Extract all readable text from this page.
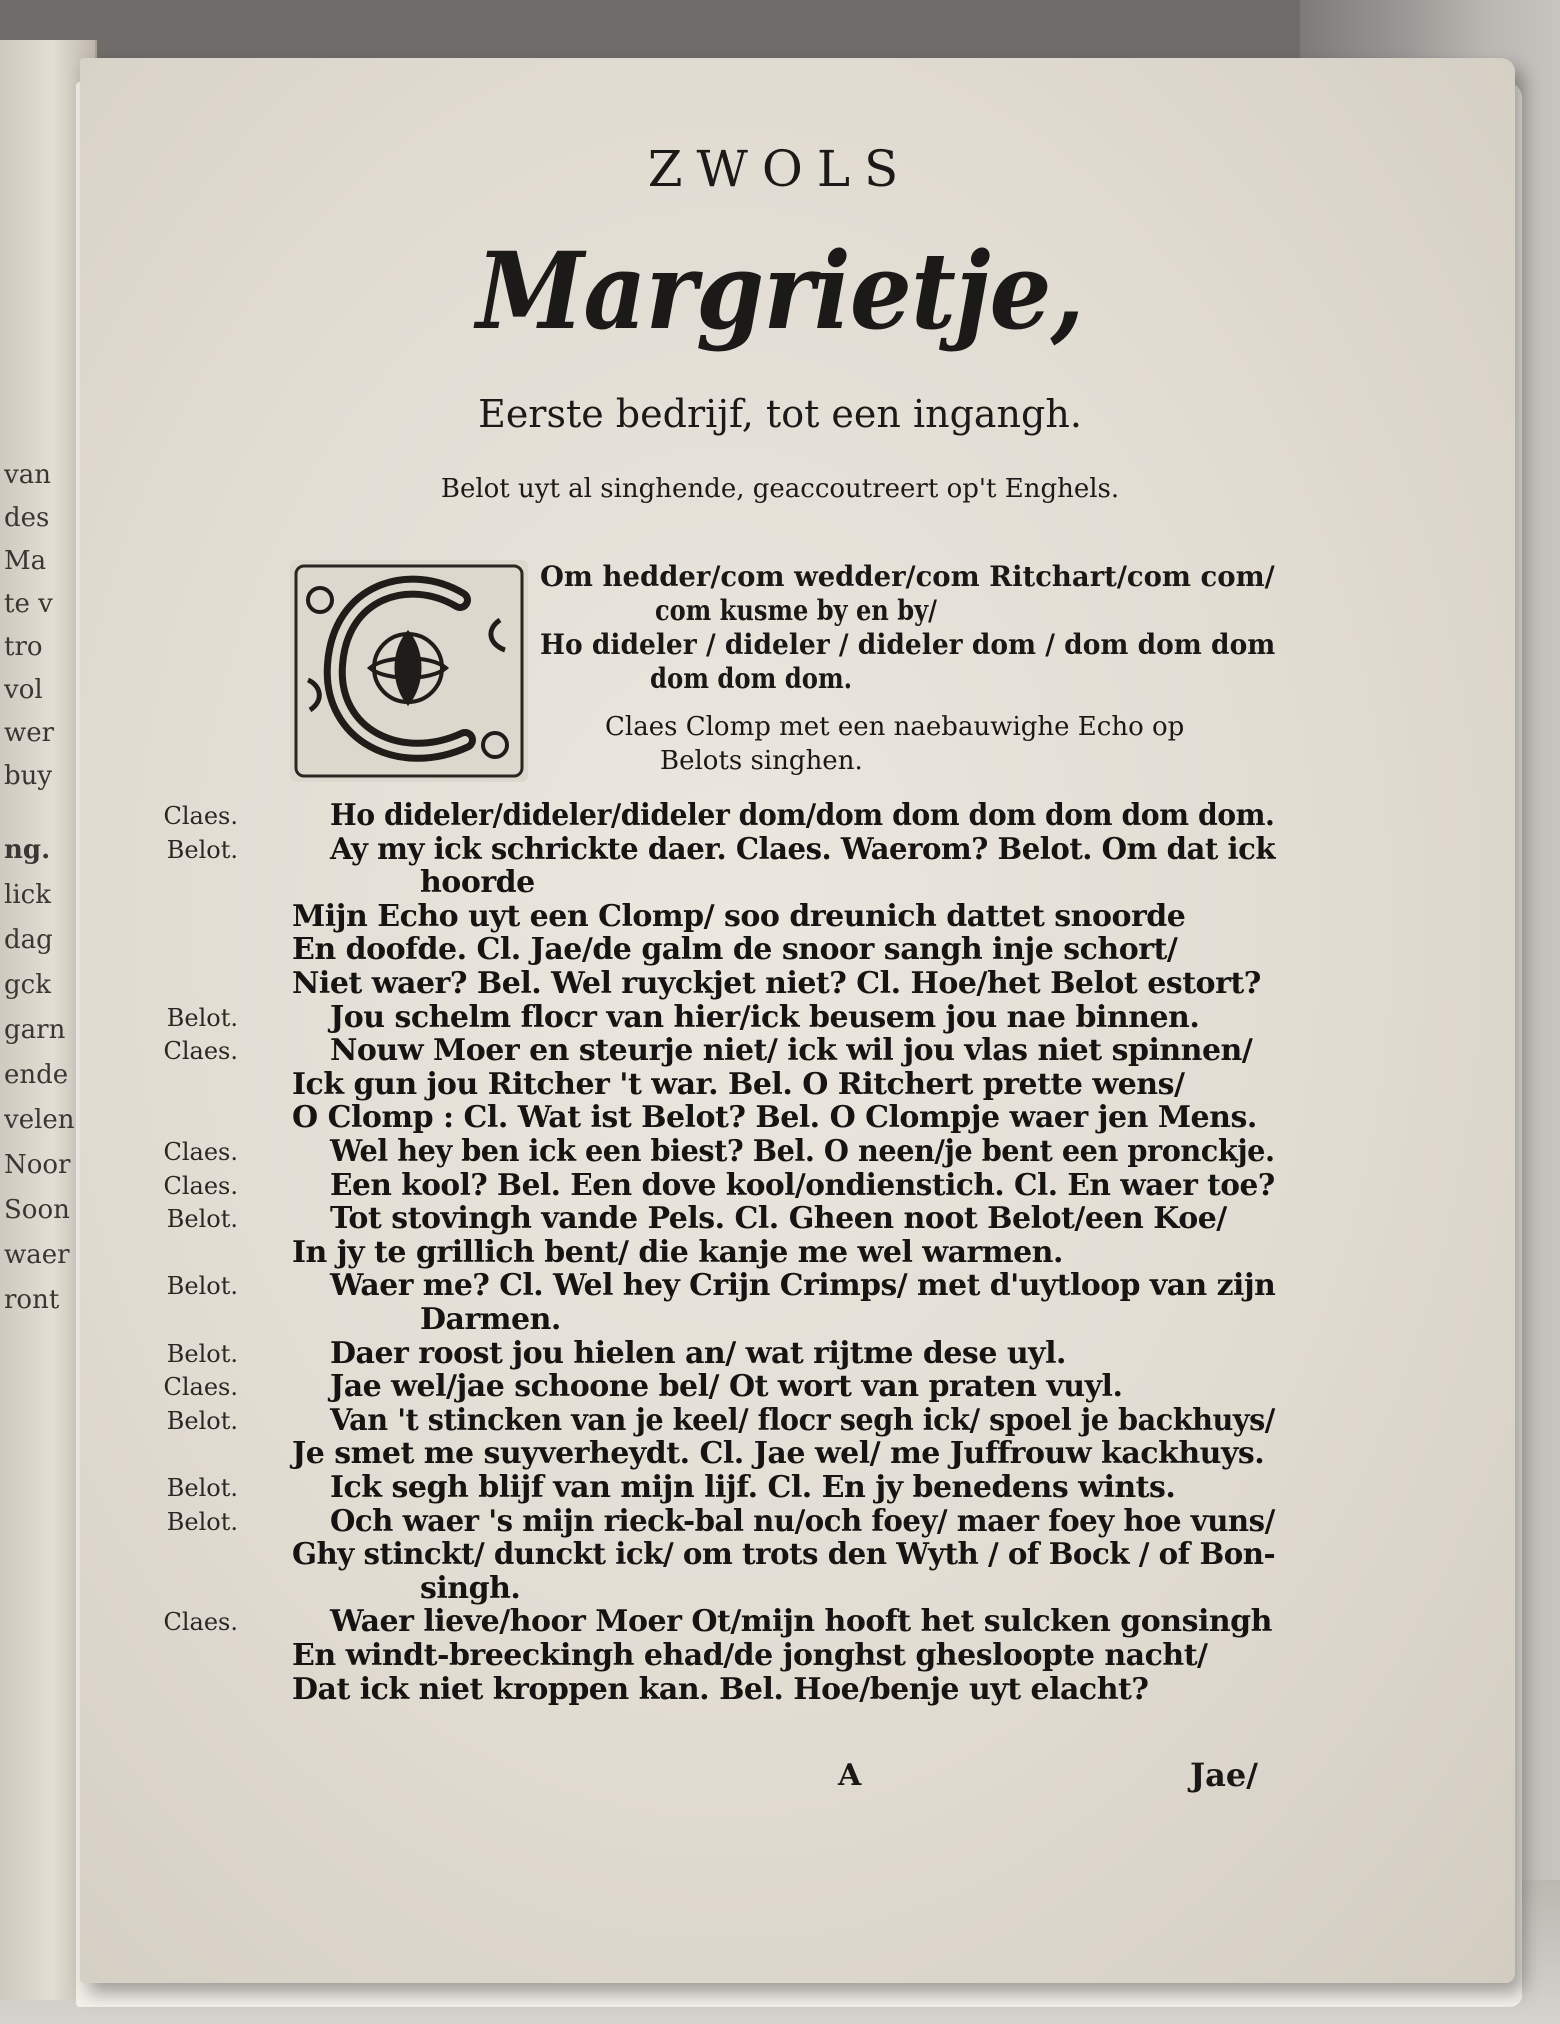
van
des
Ma
te v
tro
vol
wer
buy
ng.
lick
dag
gck
garn
ende
velen
Noor
Soon
waer
ront
ZWOLS
Margrietje,
Eerste bedrijf, tot een ingangh.
Belot uyt al singhende, geaccoutreert op't Enghels.
Om hedder/com wedder/com Ritchart/com com/
com kusme by en by/
Ho dideler / dideler / dideler dom / dom dom dom
dom dom dom.
Claes Clomp met een naebauwighe Echo op
Belots singhen.
Claes.	Ho dideler/dideler/dideler dom/dom dom dom dom dom dom.
Belot.	Ay my ick schrickte daer. Claes. Waerom? Belot. Om dat ick
hoorde
Mijn Echo uyt een Clomp/ soo dreunich dattet snoorde
En doofde. Cl. Jae/de galm de snoor sangh inje schort/
Niet waer? Bel. Wel ruyckjet niet? Cl. Hoe/het Belot estort?
Belot.	Jou schelm flocr van hier/ick beusem jou nae binnen.
Claes.	Nouw Moer en steurje niet/ ick wil jou vlas niet spinnen/
Ick gun jou Ritcher 't war. Bel. O Ritchert prette wens/
O Clomp : Cl. Wat ist Belot? Bel. O Clompje waer jen Mens.
Claes.	Wel hey ben ick een biest? Bel. O neen/je bent een pronckje.
Claes.	Een kool? Bel. Een dove kool/ondienstich. Cl. En waer toe?
Belot.	Tot stovingh vande Pels. Cl. Gheen noot Belot/een Koe/
In jy te grillich bent/ die kanje me wel warmen.
Belot.	Waer me? Cl. Wel hey Crijn Crimps/ met d'uytloop van zijn
Darmen.
Belot.	Daer roost jou hielen an/ wat rijtme dese uyl.
Claes.	Jae wel/jae schoone bel/ Ot wort van praten vuyl.
Belot.	Van 't stincken van je keel/ flocr segh ick/ spoel je backhuys/
Je smet me suyverheydt. Cl. Jae wel/ me Juffrouw kackhuys.
Belot.	Ick segh blijf van mijn lijf. Cl. En jy benedens wints.
Belot.	Och waer 's mijn rieck-bal nu/och foey/ maer foey hoe vuns/
Ghy stinckt/ dunckt ick/ om trots den Wyth / of Bock / of Bon-
singh.
Claes.	Waer lieve/hoor Moer Ot/mijn hooft het sulcken gonsingh
En windt-breeckingh ehad/de jonghst ghesloopte nacht/
Dat ick niet kroppen kan. Bel. Hoe/benje uyt elacht?
A	Jae/
